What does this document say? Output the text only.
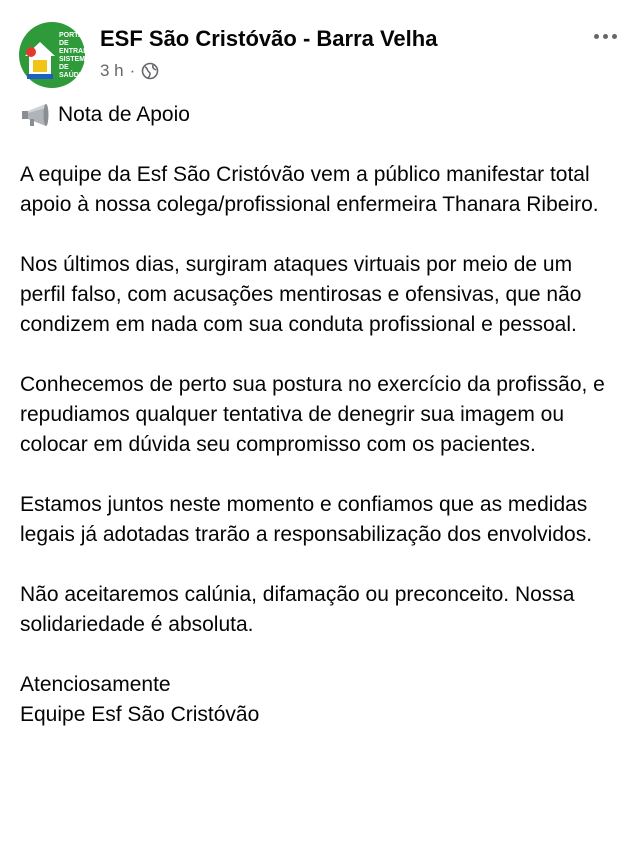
PORTA DE ENTRADA SISTEMA DE SAÚDE
ESF São Cristóvão - Barra Velha
3 h ·
Nota de Apoio

A equipe da Esf São Cristóvão vem a público manifestar total apoio à nossa colega/profissional enfermeira Thanara Ribeiro.

Nos últimos dias, surgiram ataques virtuais por meio de um perfil falso, com acusações mentirosas e ofensivas, que não condizem em nada com sua conduta profissional e pessoal.

Conhecemos de perto sua postura no exercício da profissão, e repudiamos qualquer tentativa de denegrir sua imagem ou colocar em dúvida seu compromisso com os pacientes.

Estamos juntos neste momento e confiamos que as medidas legais já adotadas trarão a responsabilização dos envolvidos.

Não aceitaremos calúnia, difamação ou preconceito. Nossa solidariedade é absoluta.

Atenciosamente

Equipe Esf São Cristóvão
